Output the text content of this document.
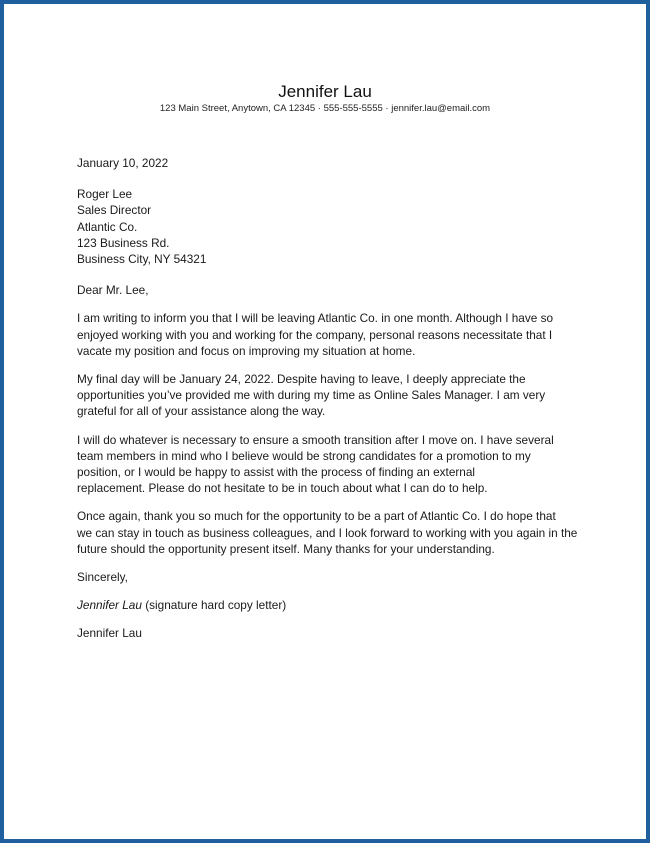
Jennifer Lau
123 Main Street, Anytown, CA 12345 · 555-555-5555 · jennifer.lau@email.com

January 10, 2022

Roger Lee

Sales Director

Atlantic Co.

123 Business Rd.

Business City, NY 54321

Dear Mr. Lee,

I am writing to inform you that I will be leaving Atlantic Co. in one month. Although I have so

enjoyed working with you and working for the company, personal reasons necessitate that I

vacate my position and focus on improving my situation at home.

My final day will be January 24, 2022. Despite having to leave, I deeply appreciate the

opportunities you’ve provided me with during my time as Online Sales Manager. I am very

grateful for all of your assistance along the way.

I will do whatever is necessary to ensure a smooth transition after I move on. I have several

team members in mind who I believe would be strong candidates for a promotion to my

position, or I would be happy to assist with the process of finding an external

replacement. Please do not hesitate to be in touch about what I can do to help.

Once again, thank you so much for the opportunity to be a part of Atlantic Co. I do hope that

we can stay in touch as business colleagues, and I look forward to working with you again in the

future should the opportunity present itself. Many thanks for your understanding.

Sincerely,

Jennifer Lau (signature hard copy letter)

Jennifer Lau
